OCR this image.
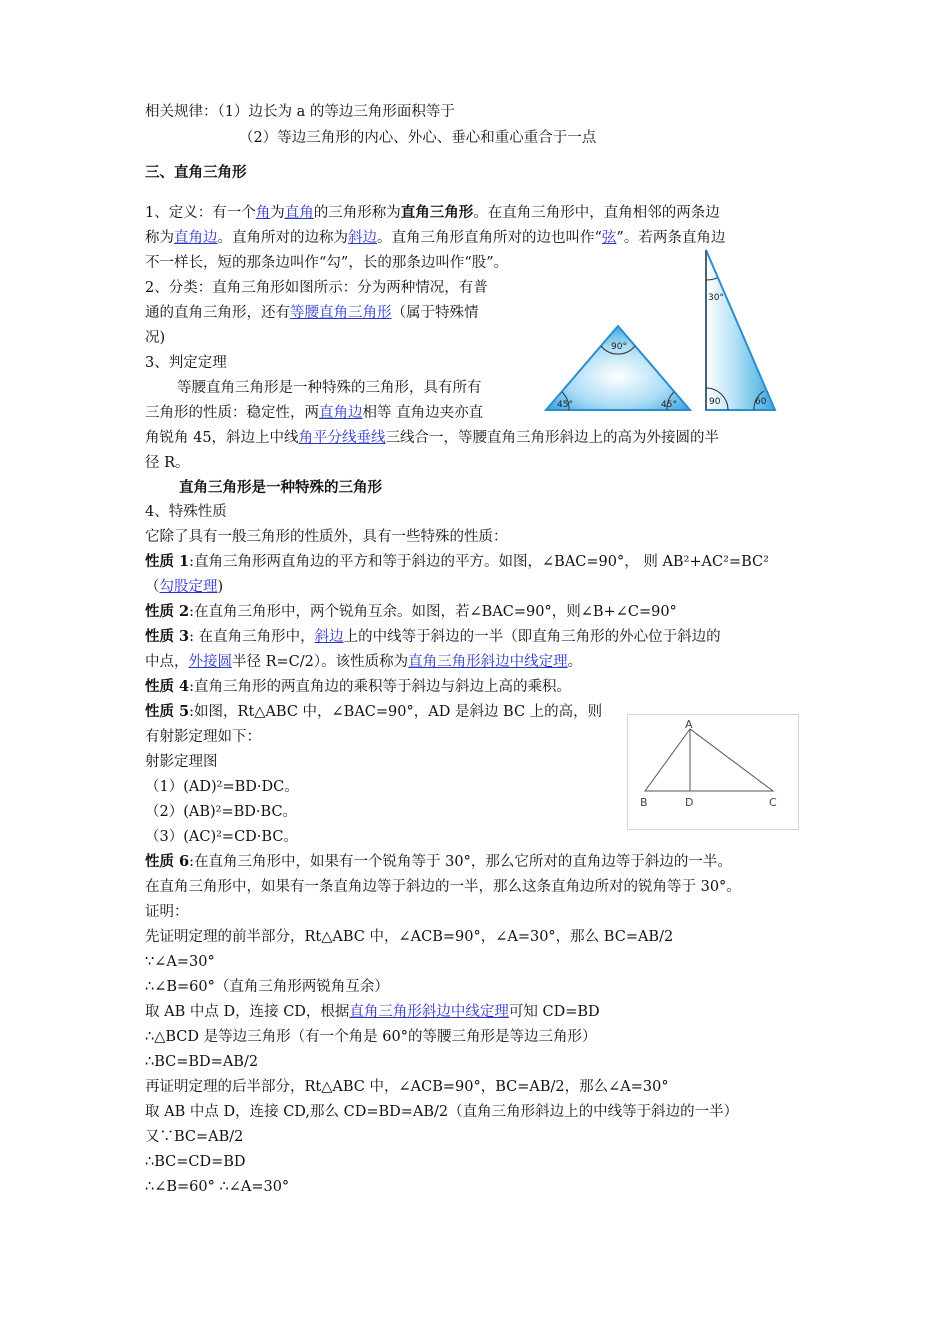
相关规律：（1）边长为 a 的等边三角形面积等于
（2）等边三角形的内心、外心、垂心和重心重合于一点
三、直角三角形
1、定义：有一个角为直角的三角形称为直角三角形。在直角三角形中，直角相邻的两条边
称为直角边。直角所对的边称为斜边。直角三角形直角所对的边也叫作“弦”。若两条直角边
不一样长，短的那条边叫作“勾”，长的那条边叫作“股”。
2、分类：直角三角形如图所示：分为两种情况，有普
通的直角三角形，还有等腰直角三角形（属于特殊情
况)
3、判定定理
等腰直角三角形是一种特殊的三角形，具有所有
三角形的性质：稳定性，两直角边相等 直角边夹亦直
角锐角 45，斜边上中线角平分线垂线三线合一，等腰直角三角形斜边上的高为外接圆的半
径 R。
直角三角形是一种特殊的三角形
4、特殊性质
它除了具有一般三角形的性质外，具有一些特殊的性质：
性质 1:直角三角形两直角边的平方和等于斜边的平方。如图，∠BAC=90°， 则 AB²+AC²=BC²
（勾股定理)
性质 2:在直角三角形中，两个锐角互余。如图，若∠BAC=90°，则∠B+∠C=90°
性质 3: 在直角三角形中，斜边上的中线等于斜边的一半（即直角三角形的外心位于斜边的
中点，外接圆半径 R=C/2）。该性质称为直角三角形斜边中线定理。
性质 4:直角三角形的两直角边的乘积等于斜边与斜边上高的乘积。
性质 5:如图，Rt△ABC 中，∠BAC=90°，AD 是斜边 BC 上的高，则
有射影定理如下：
射影定理图
（1）(AD)²=BD·DC。
（2）(AB)²=BD·BC。
（3）(AC)²=CD·BC。
性质 6:在直角三角形中，如果有一个锐角等于 30°，那么它所对的直角边等于斜边的一半。
在直角三角形中，如果有一条直角边等于斜边的一半，那么这条直角边所对的锐角等于 30°。
证明：
先证明定理的前半部分，Rt△ABC 中，∠ACB=90°，∠A=30°，那么 BC=AB/2
∵∠A=30°
∴∠B=60°（直角三角形两锐角互余）
取 AB 中点 D，连接 CD，根据直角三角形斜边中线定理可知 CD=BD
∴△BCD 是等边三角形（有一个角是 60°的等腰三角形是等边三角形）
∴BC=BD=AB/2
再证明定理的后半部分，Rt△ABC 中，∠ACB=90°，BC=AB/2，那么∠A=30°
取 AB 中点 D，连接 CD,那么 CD=BD=AB/2（直角三角形斜边上的中线等于斜边的一半）
又∵BC=AB/2
∴BC=CD=BD
∴∠B=60° ∴∠A=30°
90°
45°	45°
30°
90	60
A
B	D	C
